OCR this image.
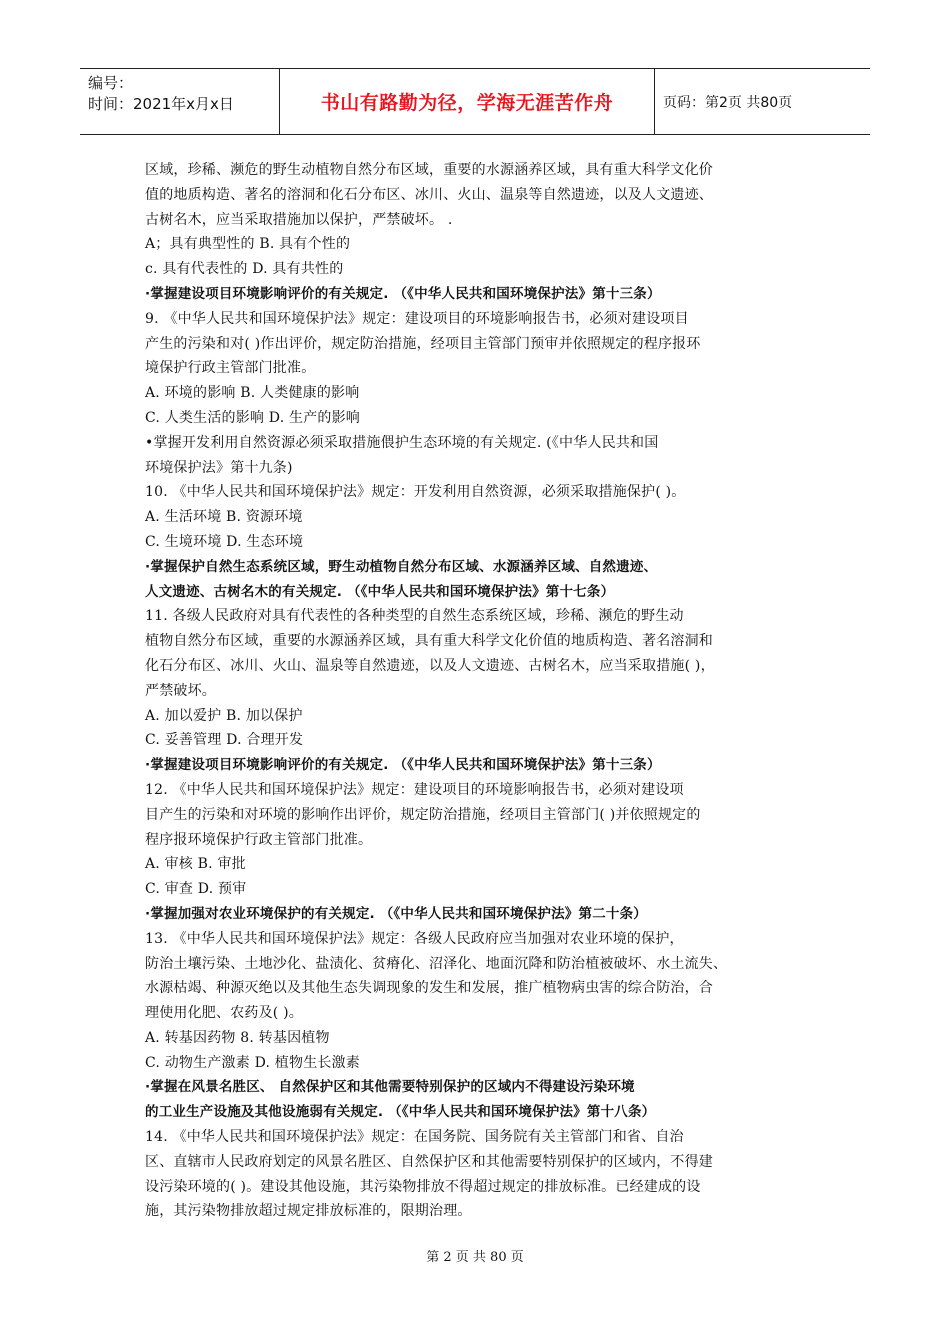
编号：
时间：2021年x月x日	书山有路勤为径，学海无涯苦作舟	页码：第2页 共80页
区域，珍稀、濒危的野生动植物自然分布区域，重要的水源涵养区域，具有重大科学文化价
值的地质构造、著名的溶洞和化石分布区、冰川、火山、温泉等自然遗迹，以及人文遗迹、
古树名木，应当采取措施加以保护，严禁破坏。 .
A；具有典型性的 B. 具有个性的
c. 具有代表性的 D. 具有共性的
·掌握建设项目环境影响评价的有关规定. （《中华人民共和国环境保护法》第十三条）
9. 《中华人民共和国环境保护法》规定：建设项目的环境影响报告书，必须对建设项目
产生的污染和对( )作出评价，规定防治措施，经项目主管部门预审并依照规定的程序报环
境保护行政主管部门批准。
A. 环境的影响 B. 人类健康的影响
C. 人类生活的影响 D. 生产的影响
•掌握开发利用自然资源必须采取措施偎护生态环境的有关规定. (《中华人民共和国
环境保护法》第十九条)
10. 《中华人民共和国环境保护法》规定：开发利用自然资源，必须采取措施保护( )。
A. 生活环境 B. 资源环境
C. 生境环境 D. 生态环境
·掌握保护自然生态系统区域，野生动植物自然分布区域、水源涵养区域、自然遗迹、
人文遗迹、古树名木的有关规定. （《中华人民共和国环境保护法》第十七条）
11. 各级人民政府对具有代表性的各种类型的自然生态系统区域，珍稀、濒危的野生动
植物自然分布区域，重要的水源涵养区域，具有重大科学文化价值的地质构造、著名溶洞和
化石分布区、冰川、火山、温泉等自然遗迹，以及人文遗迹、古树名木，应当采取措施( )，
严禁破坏。
A. 加以爱护 B. 加以保护
C. 妥善管理 D. 合理开发
·掌握建设项目环境影响评价的有关规定. （《中华人民共和国环境保护法》第十三条）
12. 《中华人民共和国环境保护法》规定：建设项目的环境影响报告书，必须对建设项
目产生的污染和对环境的影响作出评价，规定防治措施，经项目主管部门( )并依照规定的
程序报环境保护行政主管部门批准。
A. 审核 B. 审批
C. 审查 D. 预审
·掌握加强对农业环境保护的有关规定. （《中华人民共和国环境保护法》第二十条）
13. 《中华人民共和国环境保护法》规定：各级人民政府应当加强对农业环境的保护，
防治土壤污染、土地沙化、盐渍化、贫瘠化、沼泽化、地面沉降和防治植被破坏、水土流失、
水源枯竭、种源灭绝以及其他生态失调现象的发生和发展，推广植物病虫害的综合防治，合
理使用化肥、农药及( )。
A. 转基因药物 8. 转基因植物
C. 动物生产激素 D. 植物生长激素
·掌握在风景名胜区、 自然保护区和其他需要特别保护的区域内不得建设污染环境
的工业生产设施及其他设施弱有关规定. （《中华人民共和国环境保护法》第十八条）
14. 《中华人民共和国环境保护法》规定：在国务院、国务院有关主管部门和省、自治
区、直辖市人民政府划定的风景名胜区、自然保护区和其他需要特别保护的区域内，不得建
设污染环境的( )。建设其他设施，其污染物排放不得超过规定的排放标准。已经建成的设
施，其污染物排放超过规定排放标准的，限期治理。
第 2 页 共 80 页
